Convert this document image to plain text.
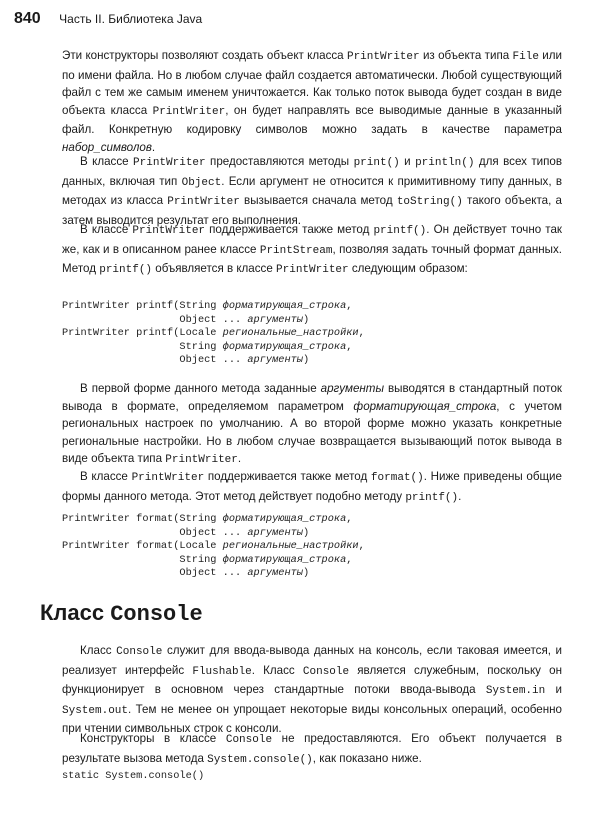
840 Часть II. Библиотека Java

Эти конструкторы позволяют создать объект класса PrintWriter из объекта типа File или по имени файла. Но в любом случае файл создается автоматически. Любой существующий файл с тем же самым именем уничтожается. Как только поток вывода будет создан в виде объекта класса PrintWriter, он будет направлять все выводимые данные в указанный файл. Конкретную кодировку символов можно задать в качестве параметра набор_символов.

В классе PrintWriter предоставляются методы print() и println() для всех типов данных, включая тип Object. Если аргумент не относится к примитивному типу данных, в методах из класса PrintWriter вызывается сначала метод toString() такого объекта, а затем выводится результат его выполнения.

В классе PrintWriter поддерживается также метод printf(). Он действует точно так же, как и в описанном ранее классе PrintStream, позволяя задать точный формат данных. Метод printf() объявляется в классе PrintWriter следующим образом:

PrintWriter printf(String форматирующая_строка,
Object ... аргументы)
PrintWriter printf(Locale региональные_настройки,
String форматирующая_строка,
Object ... аргументы)

В первой форме данного метода заданные аргументы выводятся в стандартный поток вывода в формате, определяемом параметром форматирующая_строка, с учетом региональных настроек по умолчанию. А во второй форме можно указать конкретные региональные настройки. Но в любом случае возвращается вызывающий поток вывода в виде объекта типа PrintWriter.

В классе PrintWriter поддерживается также метод format(). Ниже приведены общие формы данного метода. Этот метод действует подобно методу printf().

PrintWriter format(String форматирующая_строка,
Object ... аргументы)
PrintWriter format(Locale региональные_настройки,
String форматирующая_строка,
Object ... аргументы)
Класс Console

Класс Console служит для ввода-вывода данных на консоль, если таковая имеется, и реализует интерфейс Flushable. Класс Console является служебным, поскольку он функционирует в основном через стандартные потоки ввода-вывода System.in и System.out. Тем не менее он упрощает некоторые виды консольных операций, особенно при чтении символьных строк с консоли.

Конструкторы в классе Console не предоставляются. Его объект получается в результате вызова метода System.console(), как показано ниже.

static System.console()
